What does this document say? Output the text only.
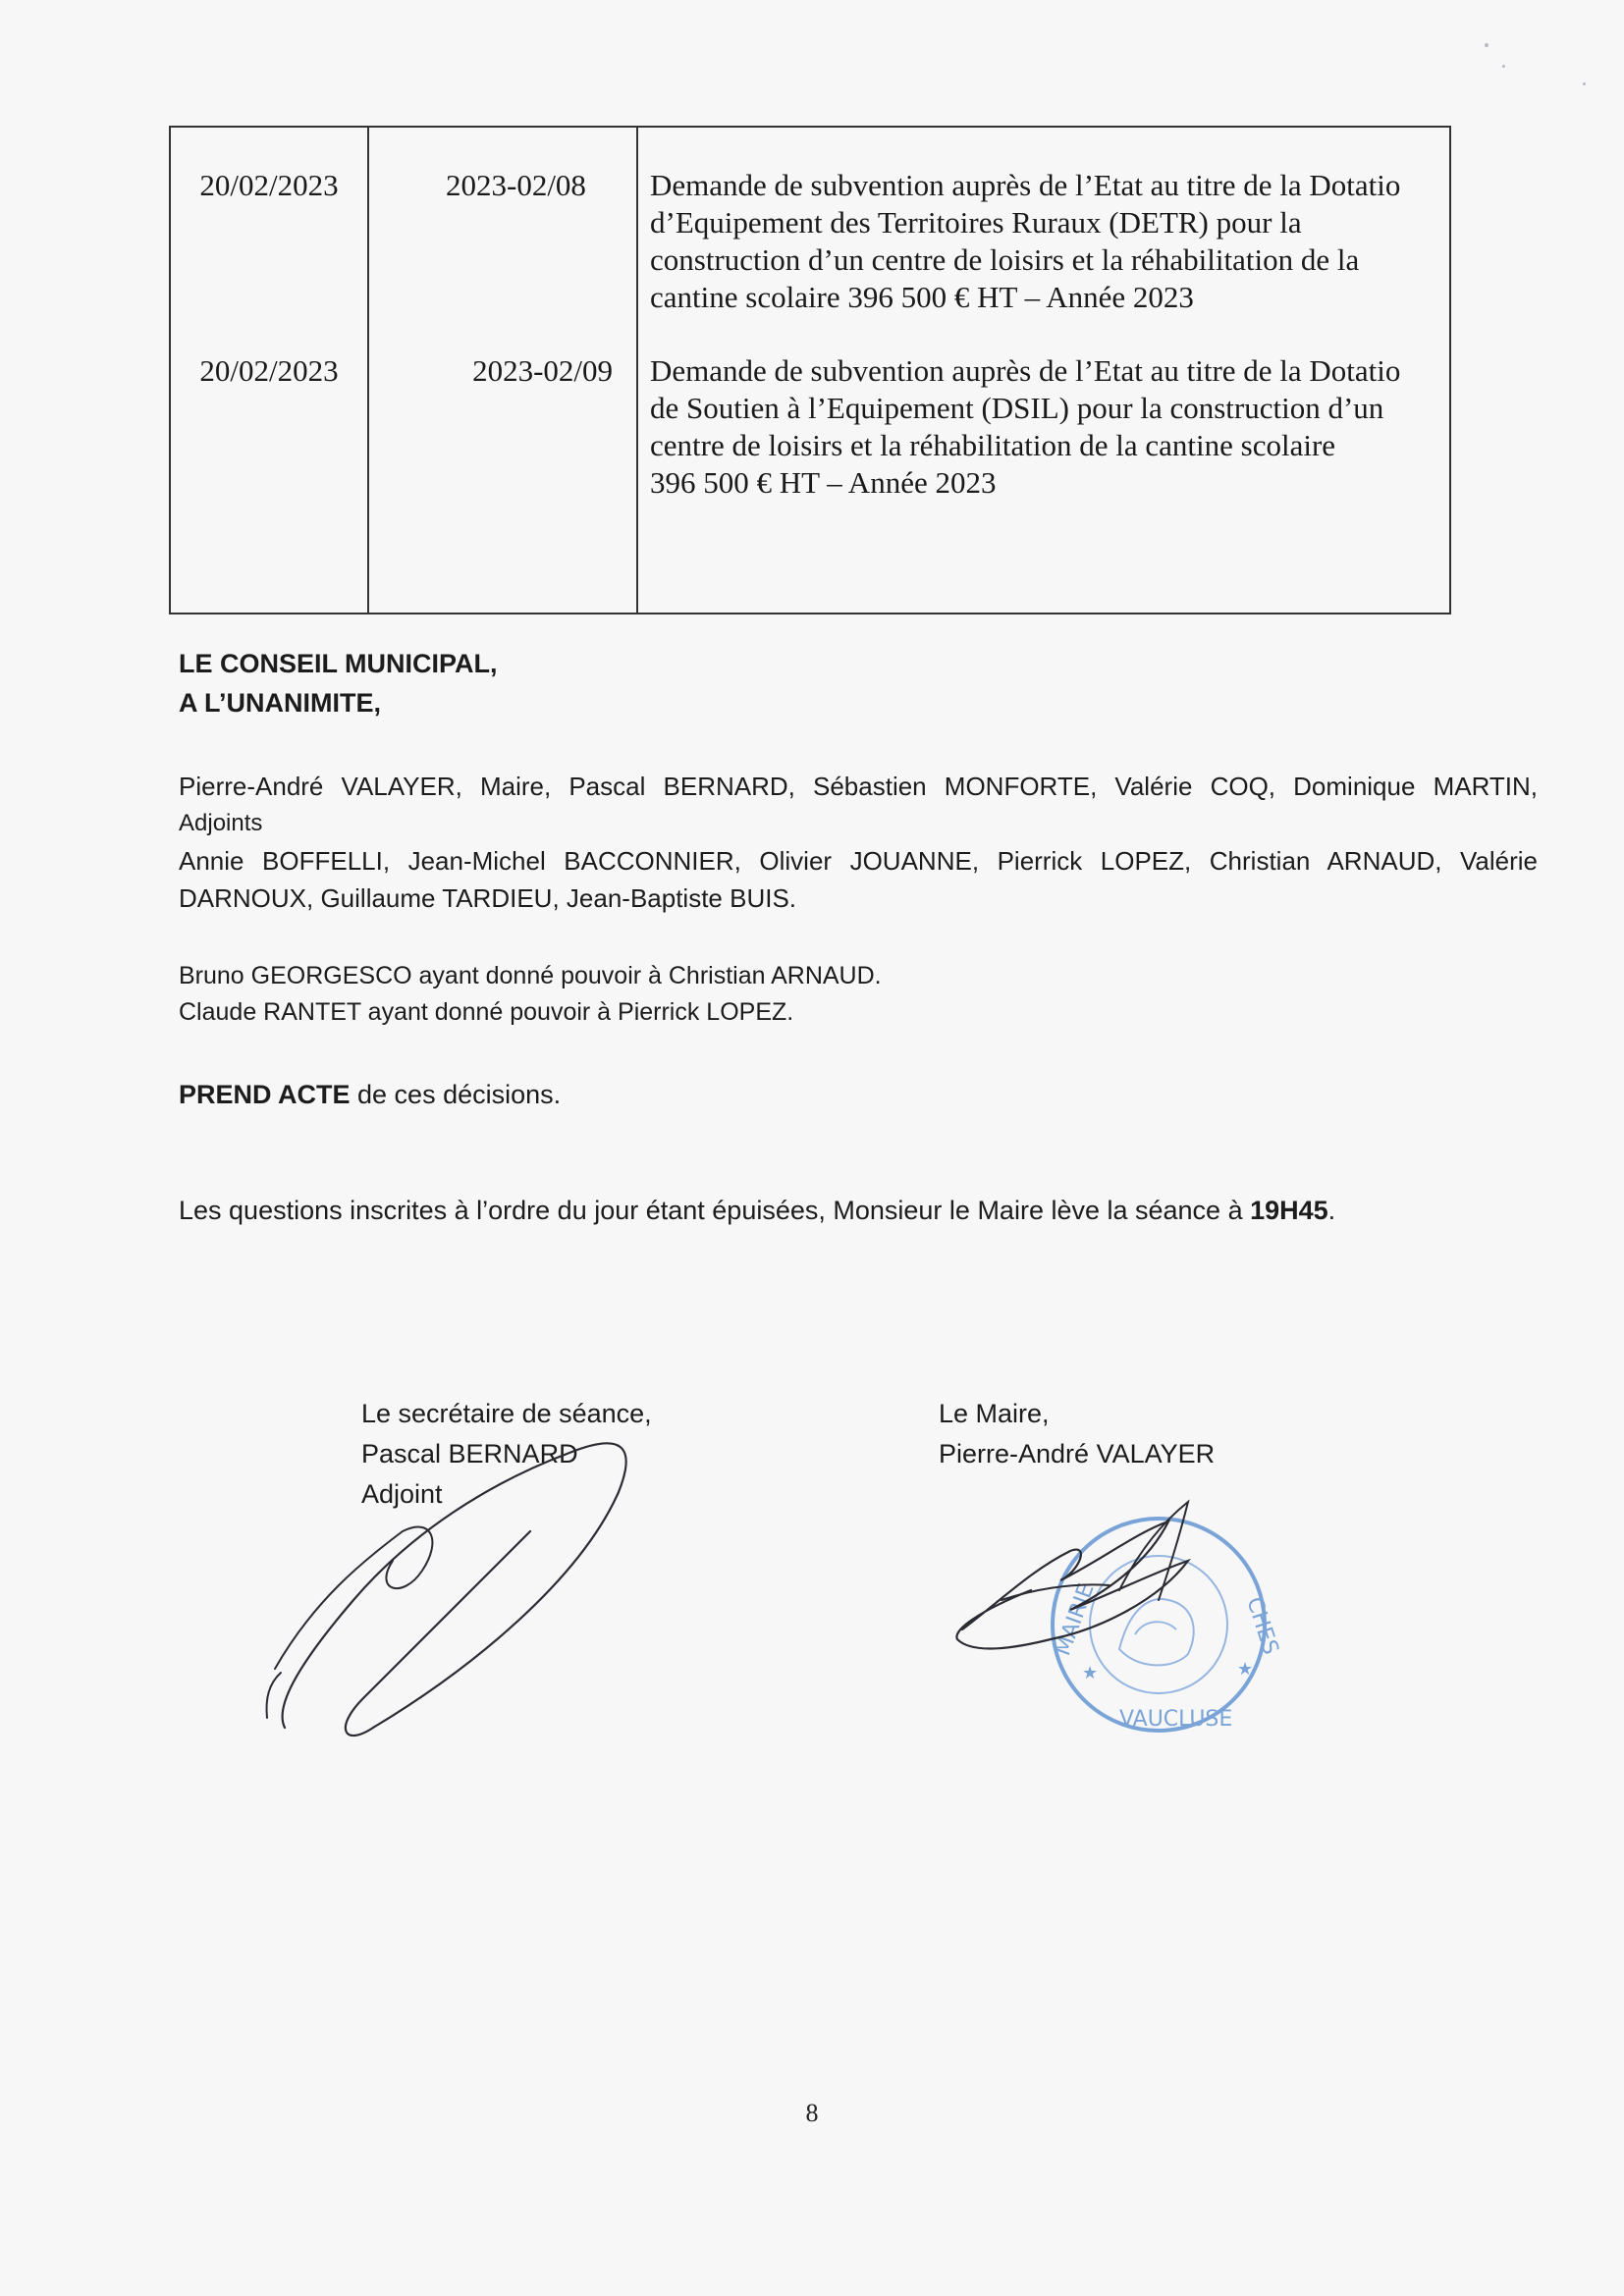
20/02/2023	2023-02/08	Demande de subvention auprès de l’Etat au titre de la Dotatio
d’Equipement des Territoires Ruraux (DETR) pour la
construction d’un centre de loisirs et la réhabilitation de la
cantine scolaire 396 500 € HT – Année 2023
20/02/2023	2023-02/09	Demande de subvention auprès de l’Etat au titre de la Dotatio
de Soutien à l’Equipement (DSIL) pour la construction d’un
centre de loisirs et la réhabilitation de la cantine scolaire
396 500 € HT – Année 2023
LE CONSEIL MUNICIPAL,
A L’UNANIMITE,
Pierre-André VALAYER, Maire, Pascal BERNARD, Sébastien MONFORTE, Valérie COQ, Dominique MARTIN,
Adjoints
Annie BOFFELLI, Jean-Michel BACCONNIER, Olivier JOUANNE, Pierrick LOPEZ, Christian ARNAUD, Valérie
DARNOUX, Guillaume TARDIEU, Jean-Baptiste BUIS.
Bruno GEORGESCO ayant donné pouvoir à Christian ARNAUD.
Claude RANTET ayant donné pouvoir à Pierrick LOPEZ.
PREND ACTE de ces décisions.
Les questions inscrites à l’ordre du jour étant épuisées, Monsieur le Maire lève la séance à 19H45.
Le secrétaire de séance,
Pascal BERNARD
Adjoint
Le Maire,
Pierre-André VALAYER
MAIRIE	CHES
VAUCLUSE
★	★
8
